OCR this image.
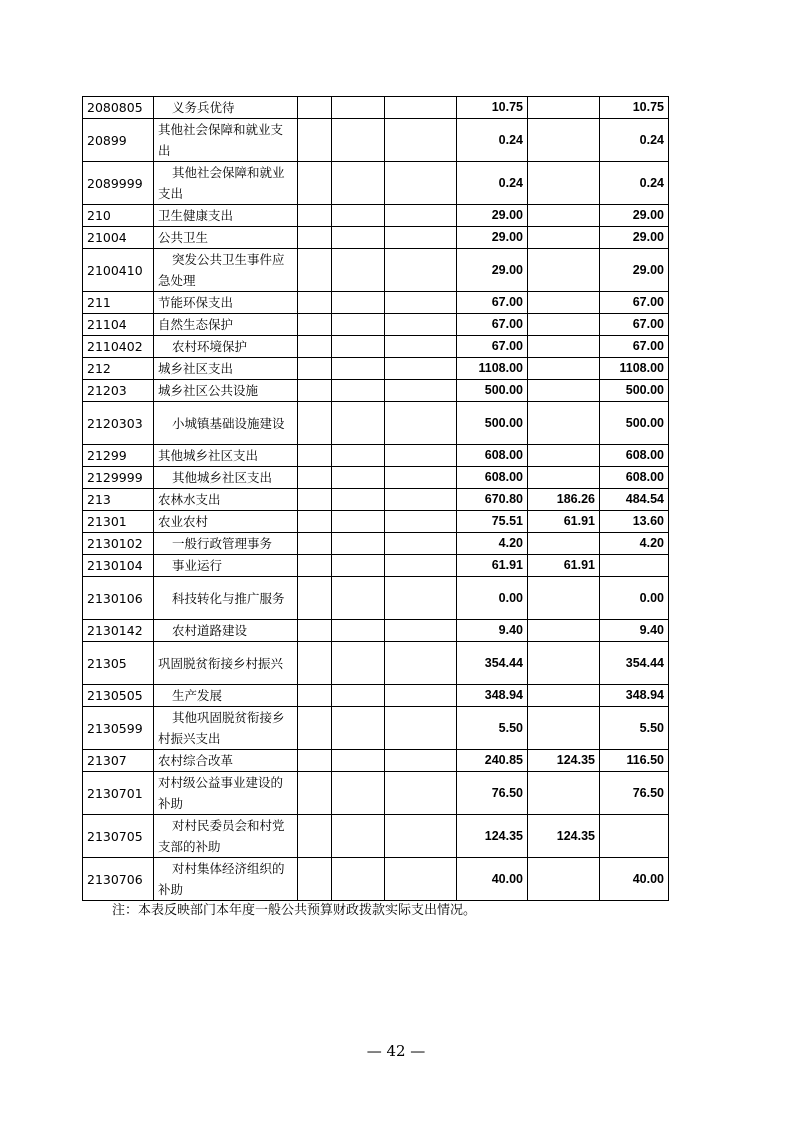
2080805	义务兵优待				10.75		10.75
20899	其他社会保障和就业支出				0.24		0.24
2089999	其他社会保障和就业支出				0.24		0.24
210	卫生健康支出				29.00		29.00
21004	公共卫生				29.00		29.00
2100410	突发公共卫生事件应急处理				29.00		29.00
211	节能环保支出				67.00		67.00
21104	自然生态保护				67.00		67.00
2110402	农村环境保护				67.00		67.00
212	城乡社区支出				1108.00		1108.00
21203	城乡社区公共设施				500.00		500.00
2120303	小城镇基础设施建设				500.00		500.00
21299	其他城乡社区支出				608.00		608.00
2129999	其他城乡社区支出				608.00		608.00
213	农林水支出				670.80	186.26	484.54
21301	农业农村				75.51	61.91	13.60
2130102	一般行政管理事务				4.20		4.20
2130104	事业运行				61.91	61.91	
2130106	科技转化与推广服务				0.00		0.00
2130142	农村道路建设				9.40		9.40
21305	巩固脱贫衔接乡村振兴				354.44		354.44
2130505	生产发展				348.94		348.94
2130599	其他巩固脱贫衔接乡村振兴支出				5.50		5.50
21307	农村综合改革				240.85	124.35	116.50
2130701	对村级公益事业建设的补助				76.50		76.50
2130705	对村民委员会和村党支部的补助				124.35	124.35	
2130706	对村集体经济组织的补助				40.00		40.00
注：本表反映部门本年度一般公共预算财政拨款实际支出情况。
— 42 —
